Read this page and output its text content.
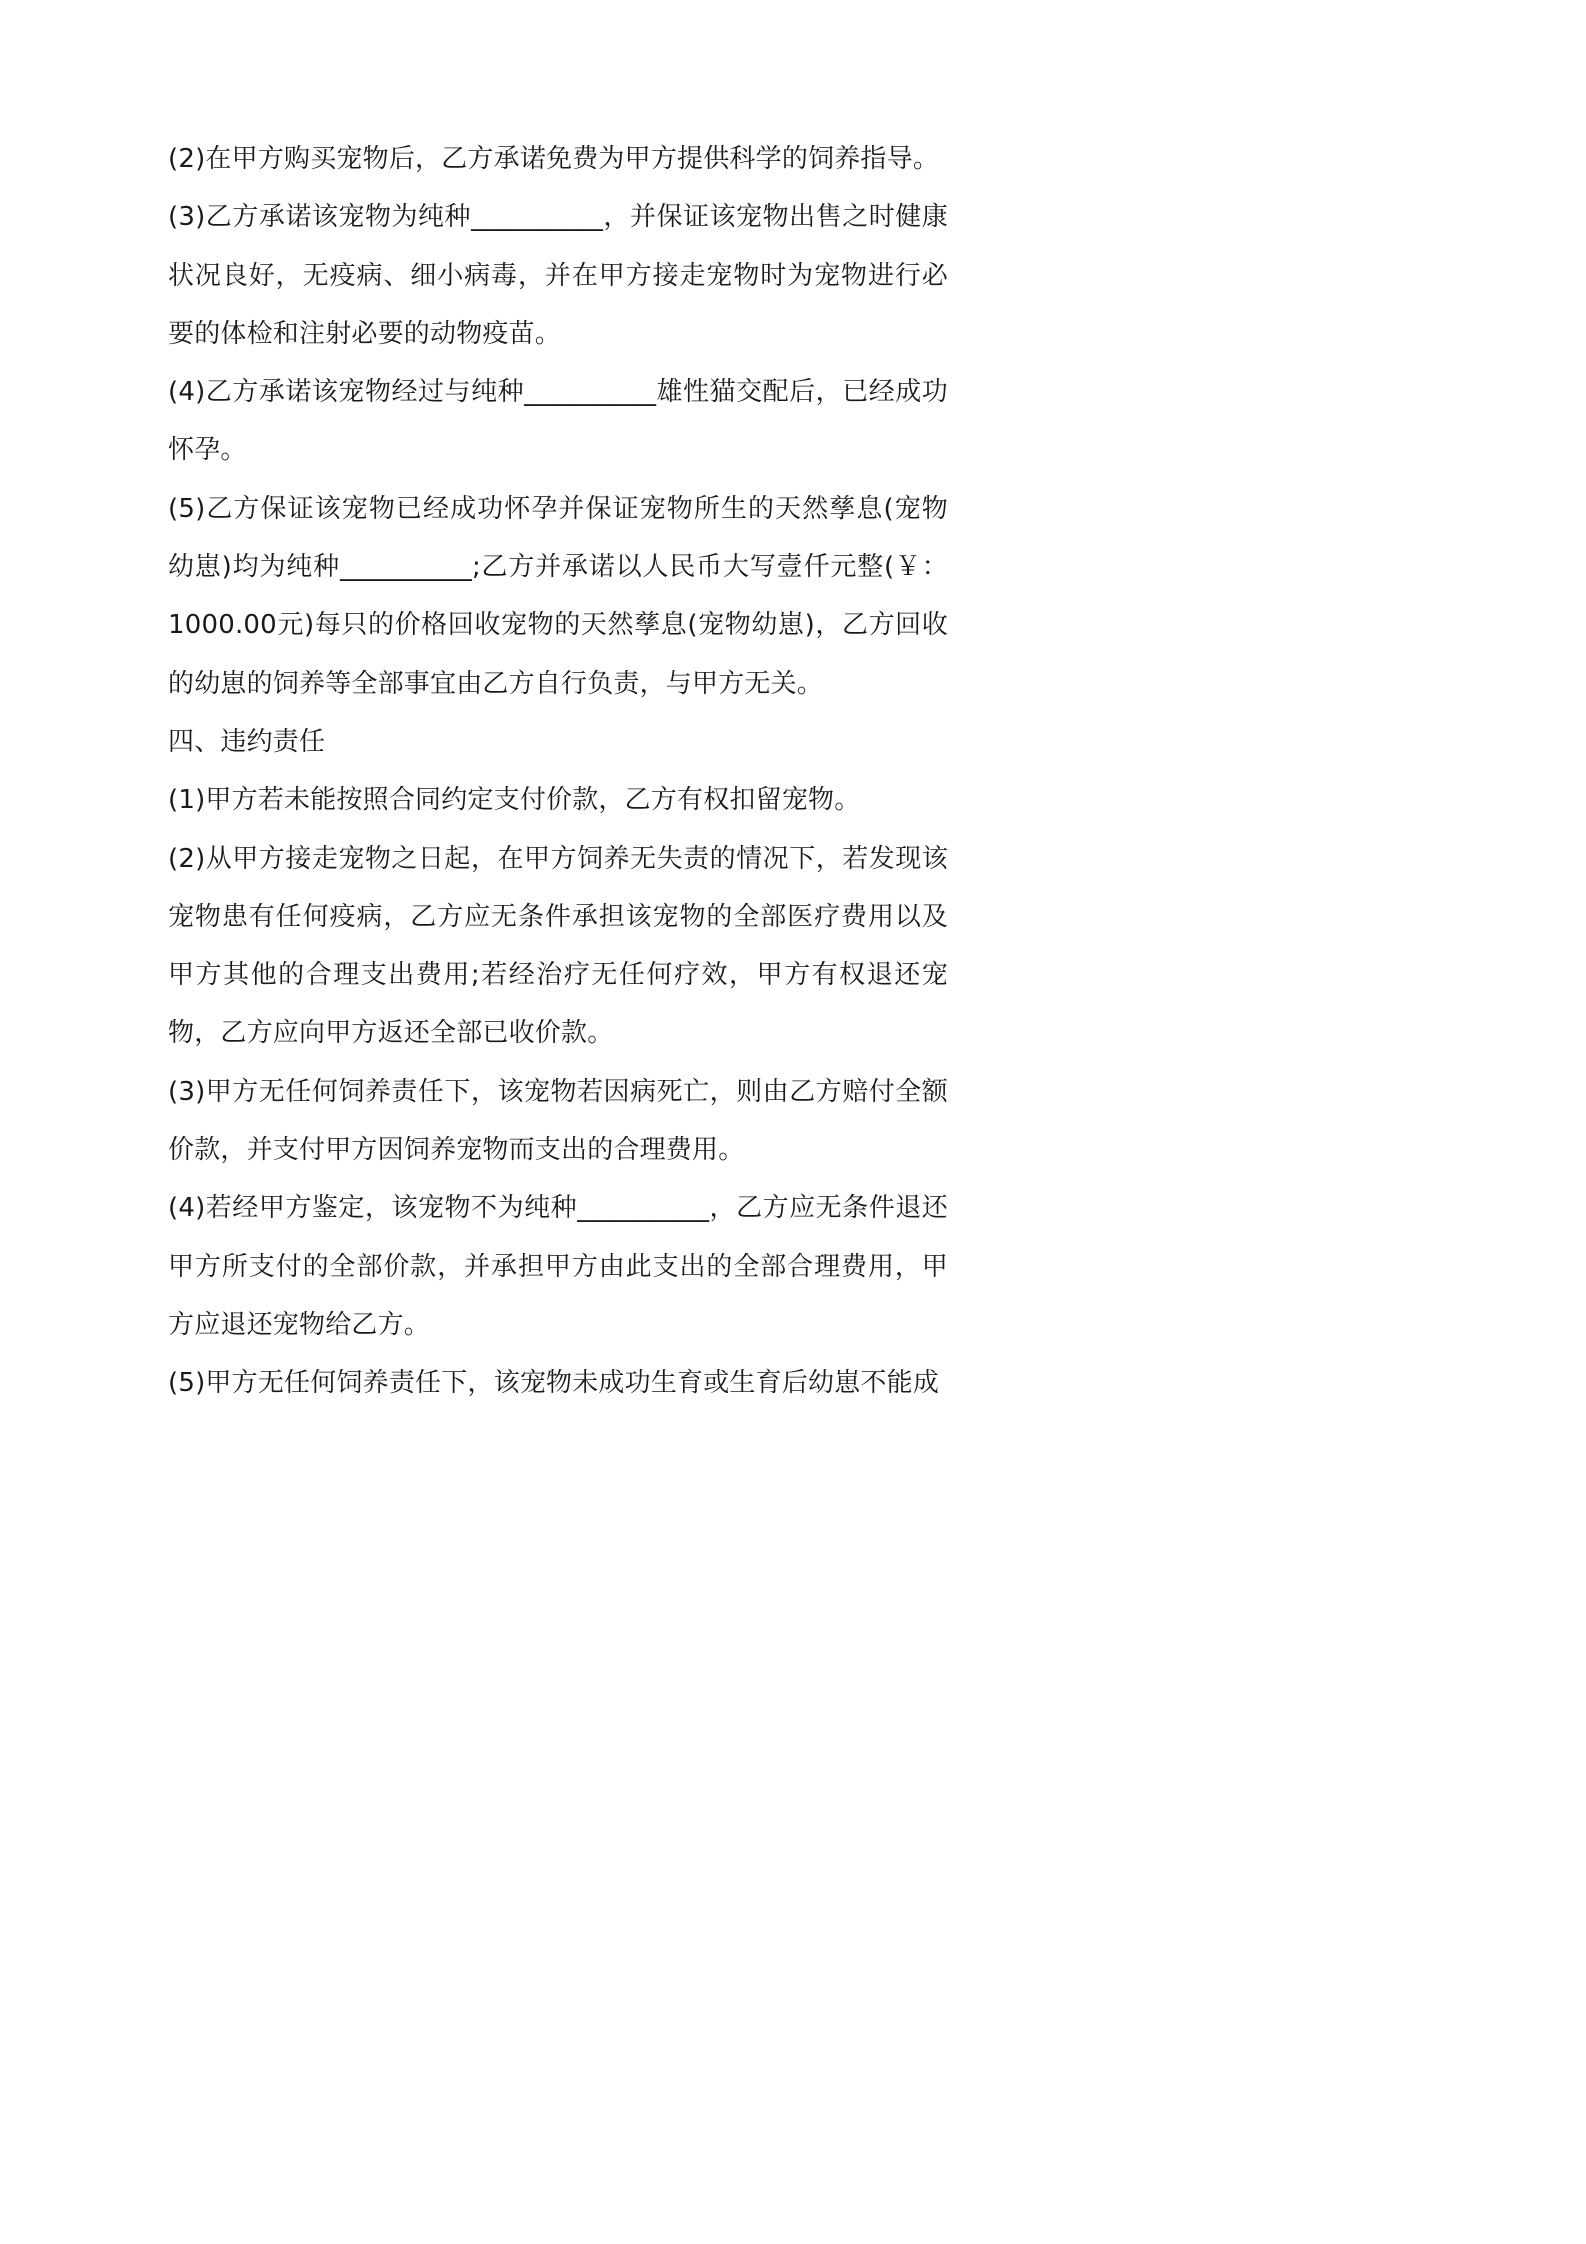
(2)在甲方购买宠物后，乙方承诺免费为甲方提供科学的饲养指导。

(3)乙方承诺该宠物为纯种__________，并保证该宠物出售之时健康状况良好，无疫病、细小病毒，并在甲方接走宠物时为宠物进行必要的体检和注射必要的动物疫苗。

(4)乙方承诺该宠物经过与纯种__________雄性猫交配后，已经成功怀孕。

(5)乙方保证该宠物已经成功怀孕并保证宠物所生的天然孳息(宠物幼崽)均为纯种__________;乙方并承诺以人民币大写壹仟元整(￥：1000.00元)每只的价格回收宠物的天然孳息(宠物幼崽)，乙方回收的幼崽的饲养等全部事宜由乙方自行负责，与甲方无关。

四、违约责任

(1)甲方若未能按照合同约定支付价款，乙方有权扣留宠物。

(2)从甲方接走宠物之日起，在甲方饲养无失责的情况下，若发现该宠物患有任何疫病，乙方应无条件承担该宠物的全部医疗费用以及甲方其他的合理支出费用;若经治疗无任何疗效，甲方有权退还宠物，乙方应向甲方返还全部已收价款。

(3)甲方无任何饲养责任下，该宠物若因病死亡，则由乙方赔付全额价款，并支付甲方因饲养宠物而支出的合理费用。

(4)若经甲方鉴定，该宠物不为纯种__________，乙方应无条件退还甲方所支付的全部价款，并承担甲方由此支出的全部合理费用，甲方应退还宠物给乙方。

(5)甲方无任何饲养责任下，该宠物未成功生育或生育后幼崽不能成
